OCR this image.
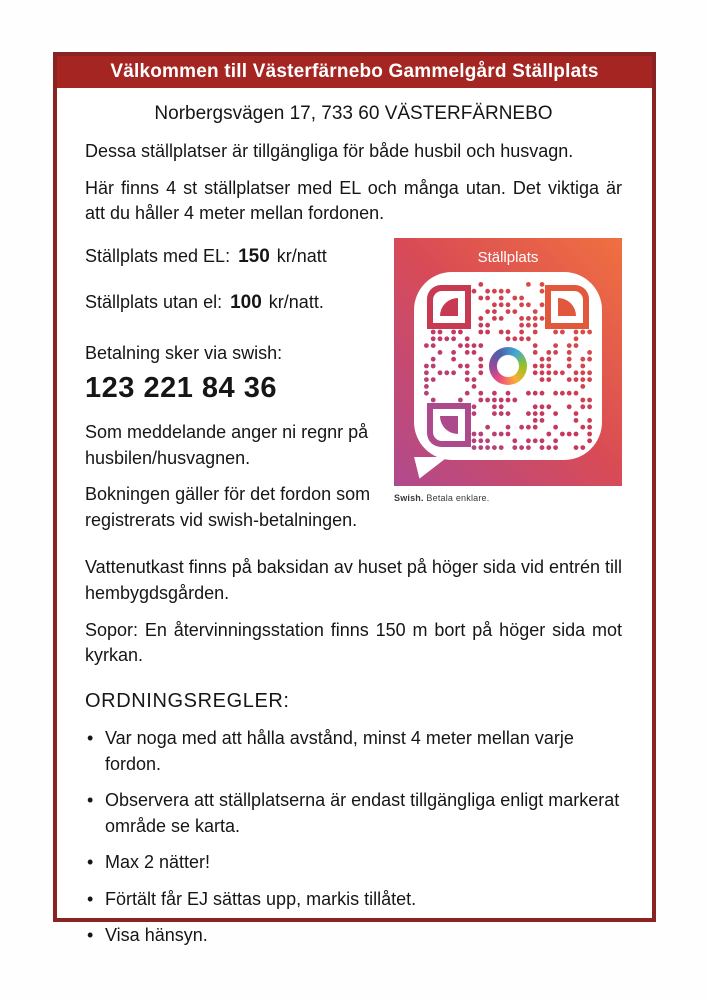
Välkommen till Västerfärnebo Gammelgård Ställplats
Norbergsvägen 17, 733 60 VÄSTERFÄRNEBO

Dessa ställplatser är tillgängliga för både husbil och husvagn.

Här finns 4 st ställplatser med EL och många utan. Det viktiga är att du håller 4 meter mellan fordonen.

Ställplats med EL: 150 kr/natt
Ställplats utan el: 100 kr/natt.
Betalning sker via swish:
123 221 84 36

Som meddelande anger ni regnr på husbilen/husvagnen.

Bokningen gäller för det fordon som registrerats vid swish-betalningen.

Ställplats
Swish. Betala enklare.

Vattenutkast finns på baksidan av huset på höger sida vid entrén till hembygdsgården.

Sopor: En återvinningsstation finns 150 m bort på höger sida mot kyrkan.

ORDNINGSREGLER:
• Var noga med att hålla avstånd, minst 4 meter mellan varje fordon.
• Observera att ställplatserna är endast tillgängliga enligt markerat område se karta.
• Max 2 nätter!
• Förtält får EJ sättas upp, markis tillåtet.
• Visa hänsyn.
